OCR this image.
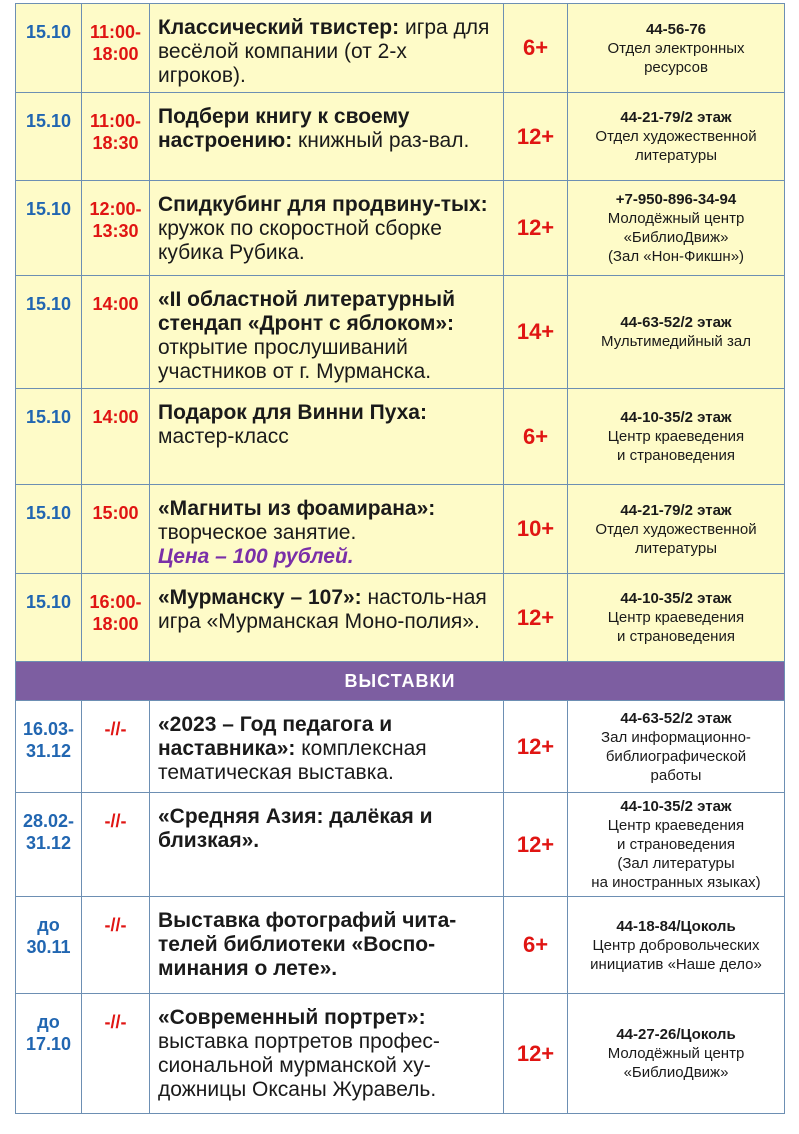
15.10	11:00-
18:00	Классический твистер: игра для весёлой компании (от 2-х игроков).	6+	44-56-76
Отдел электронных
ресурсов

15.10	11:00-
18:30	Подбери книгу к своему настроению: книжный раз-вал.	12+	44-21-79/2 этаж
Отдел художественной
литературы

15.10	12:00-
13:30	Спидкубинг для продвину-тых: кружок по скоростной сборке кубика Рубика.	12+	+7-950-896-34-94
Молодёжный центр
«БиблиоДвиж»
(Зал «Нон-Фикшн»)

15.10	14:00	«II областной литературный стендап «Дронт с яблоком»: открытие прослушиваний участников от г. Мурманска.	14+	44-63-52/2 этаж
Мультимедийный зал

15.10	14:00	Подарок для Винни Пуха: мастер-класс	6+	44-10-35/2 этаж
Центр краеведения
и страноведения

15.10	15:00	«Магниты из фоамирана»: творческое занятие.
Цена – 100 рублей.	10+	44-21-79/2 этаж
Отдел художественной
литературы

15.10	16:00-
18:00	«Мурманску – 107»: настоль-ная игра «Мурманская Моно-полия».	12+	44-10-35/2 этаж
Центр краеведения
и страноведения

ВЫСТАВКИ				
16.03-
31.12	-//-	«2023 – Год педагога и наставника»: комплексная тематическая выставка.	12+	44-63-52/2 этаж
Зал информационно-
библиографической
работы

28.02-
31.12	-//-	«Средняя Азия: далёкая и близкая».	12+	44-10-35/2 этаж
Центр краеведения
и страноведения
(Зал литературы
на иностранных языках)

до
30.11	-//-	Выставка фотографий чита-телей библиотеки «Воспо-минания о лете».	6+	44-18-84/Цоколь
Центр добровольческих
инициатив «Наше дело»

до
17.10	-//-	«Современный портрет»: выставка портретов профес-сиональной мурманской ху-дожницы Оксаны Журавель.	12+	44-27-26/Цоколь
Молодёжный центр
«БиблиоДвиж»
